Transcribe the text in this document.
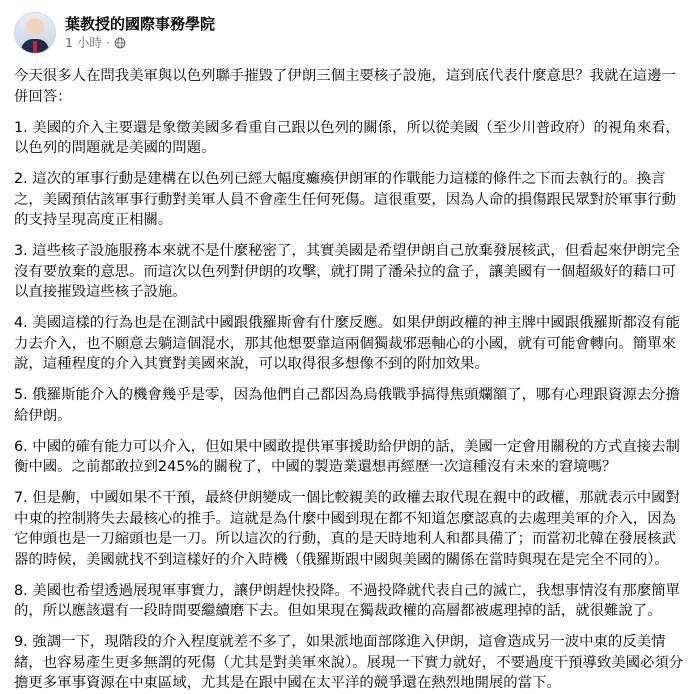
葉教授的國際事務學院
1 小時 ·

今天很多人在問我美軍與以色列聯手摧毀了伊朗三個主要核子設施，這到底代表什麼意思？我就在這邊一併回答：

1. 美國的介入主要還是象徵美國多看重自己跟以色列的關係，所以從美國（至少川普政府）的視角來看，以色列的問題就是美國的問題。

2. 這次的軍事行動是建構在以色列已經大幅度癱瘓伊朗軍的作戰能力這樣的條件之下而去執行的。換言之，美國預估該軍事行動對美軍人員不會產生任何死傷。這很重要，因為人命的損傷跟民眾對於軍事行動的支持呈現高度正相關。

3. 這些核子設施服務本來就不是什麼秘密了，其實美國是希望伊朗自己放棄發展核武，但看起來伊朗完全沒有要放棄的意思。而這次以色列對伊朗的攻擊，就打開了潘朵拉的盒子，讓美國有一個超級好的藉口可以直接摧毀這些核子設施。

4. 美國這樣的行為也是在測試中國跟俄羅斯會有什麼反應。如果伊朗政權的神主牌中國跟俄羅斯都沒有能力去介入，也不願意去躺這個混水，那其他想要靠這兩個獨裁邪惡軸心的小國，就有可能會轉向。簡單來說，這種程度的介入其實對美國來說，可以取得很多想像不到的附加效果。

5. 俄羅斯能介入的機會幾乎是零，因為他們自己都因為烏俄戰爭搞得焦頭爛額了，哪有心理跟資源去分擔給伊朗。

6. 中國的確有能力可以介入，但如果中國敢提供軍事援助給伊朗的話，美國一定會用關稅的方式直接去制衡中國。之前都敢拉到245%的關稅了，中國的製造業還想再經歷一次這種沒有未來的窘境嗎？

7. 但是齁，中國如果不干預，最終伊朗變成一個比較親美的政權去取代現在親中的政權，那就表示中國對中東的控制將失去最核心的推手。這就是為什麼中國到現在都不知道怎麼認真的去處理美軍的介入，因為它伸頭也是一刀縮頭也是一刀。所以這次的行動，真的是天時地利人和都具備了；而當初北韓在發展核武器的時候，美國就找不到這樣好的介入時機（俄羅斯跟中國與美國的關係在當時與現在是完全不同的）。

8. 美國也希望透過展現軍事實力，讓伊朗趕快投降。不過投降就代表自己的滅亡，我想事情沒有那麼簡單的，所以應該還有一段時間要繼續磨下去。但如果現在獨裁政權的高層都被處理掉的話，就很難說了。

9. 強調一下，現階段的介入程度就差不多了，如果派地面部隊進入伊朗，這會造成另一波中東的反美情緒，也容易產生更多無謂的死傷（尤其是對美軍來說）。展現一下實力就好，不要過度干預導致美國必須分擔更多軍事資源在中東區域，尤其是在跟中國在太平洋的競爭還在熱烈地開展的當下。
